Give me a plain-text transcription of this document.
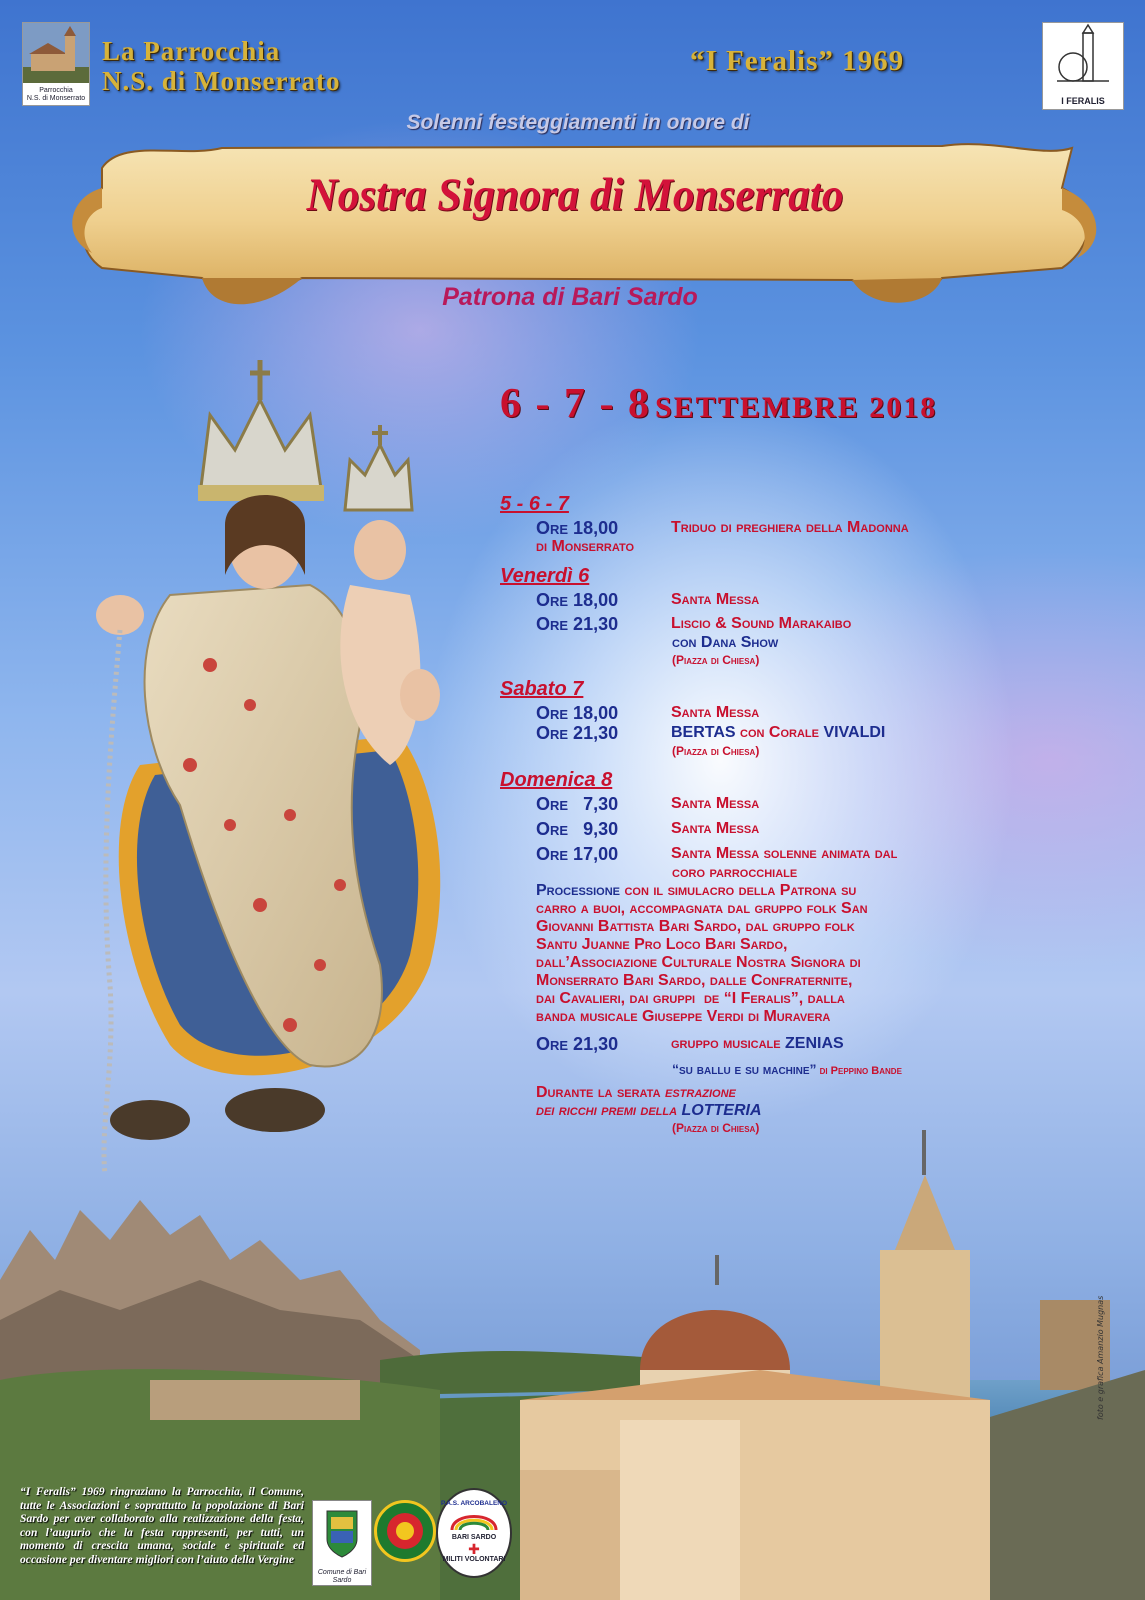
Parrocchia
N.S. di Monserrato
La Parrocchia
N.S. di Monserrato
“I Feralis” 1969
I FERALIS
Solenni festeggiamenti in onore di
Nostra Signora di Monserrato
Patrona di Bari Sardo
6 - 7 - 8 SETTEMBRE 2018
5 - 6 - 7
Ore 18,00	Triduo di preghiera della Madonna
di Monserrato
Venerdì 6
Ore 18,00	Santa Messa
Ore 21,30	Liscio & Sound Marakaibo
con Dana Show
(Piazza di Chiesa)
Sabato 7
Ore 18,00	Santa Messa
Ore 21,30	BERTAS con Corale VIVALDI
(Piazza di Chiesa)
Domenica 8
Ore   7,30	Santa Messa
Ore   9,30	Santa Messa
Ore 17,00	Santa Messa solenne animata dal
coro parrocchiale
Processione con il simulacro della Patrona su
carro a buoi, accompagnata dal gruppo folk San
Giovanni Battista Bari Sardo, dal gruppo folk
Santu Juanne Pro Loco Bari Sardo,
dall’Associazione Culturale Nostra Signora di
Monserrato Bari Sardo, dalle Confraternite,
dai Cavalieri, dai gruppi  de “I Feralis”, dalla
banda musicale Giuseppe Verdi di Muravera
Ore 21,30	gruppo musicale ZENIAS
“su ballu e su machine” di Peppino Bande
Durante la serata estrazione
dei ricchi premi della LOTTERIA
(Piazza di Chiesa)
“I Feralis” 1969 ringraziano la Parrocchia, il Comune, tutte le Associazioni e soprattutto la popolazione di Bari Sardo per aver collaborato alla realizzazione della festa, con l’augurio che la festa rappresenti, per tutti, un momento di crescita umana, sociale e spirituale ed occasione per diventare migliori con l’aiuto della Vergine
Comune di Bari Sardo
P.A.S. ARCOBALENO
BARI SARDO
✚
MILITI VOLONTARI
foto e grafica Amanzio Mugnas
